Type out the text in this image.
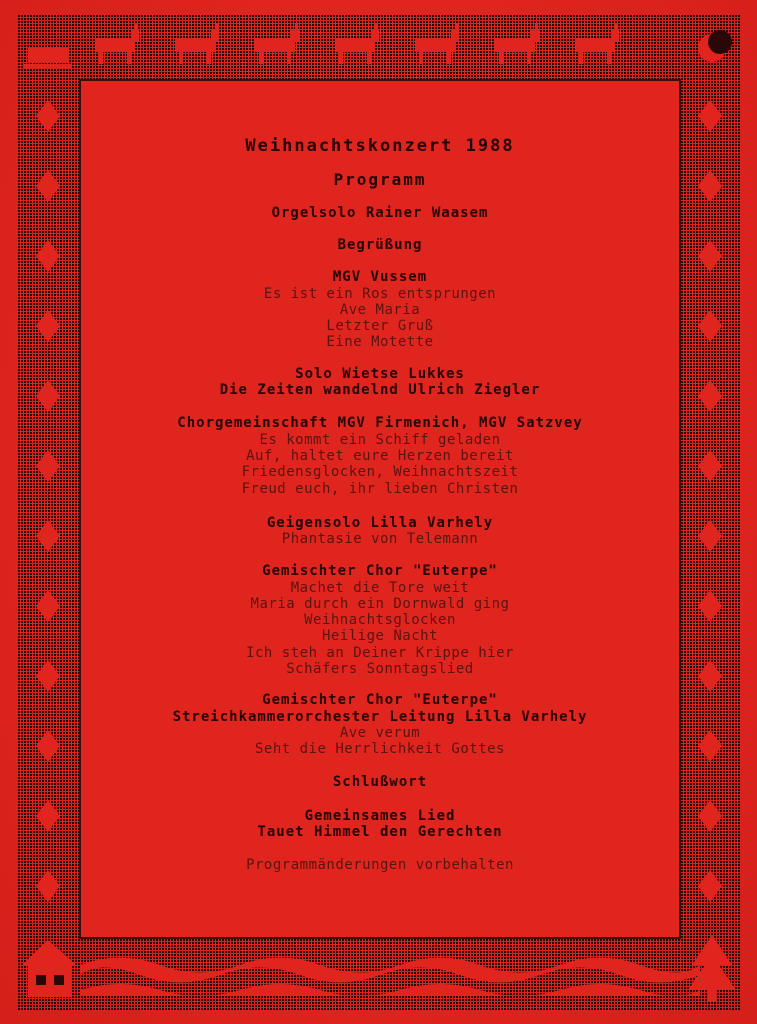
Weihnachtskonzert 1988
Programm
Orgelsolo Rainer Waasem
Begrüßung
MGV Vussem
Es ist ein Ros entsprungen
Ave Maria
Letzter Gruß
Eine Motette
Solo Wietse Lukkes
Die Zeiten wandelnd Ulrich Ziegler
Chorgemeinschaft MGV Firmenich, MGV Satzvey
Es kommt ein Schiff geladen
Auf, haltet eure Herzen bereit
Friedensglocken, Weihnachtszeit
Freud euch, ihr lieben Christen
Geigensolo Lilla Varhely
Phantasie von Telemann
Gemischter Chor "Euterpe"
Machet die Tore weit
Maria durch ein Dornwald ging
Weihnachtsglocken
Heilige Nacht
Ich steh an Deiner Krippe hier
Schäfers Sonntagslied
Gemischter Chor "Euterpe"
Streichkammerorchester Leitung Lilla Varhely
Ave verum
Seht die Herrlichkeit Gottes
Schlußwort
Gemeinsames Lied
Tauet Himmel den Gerechten
Programmänderungen vorbehalten
